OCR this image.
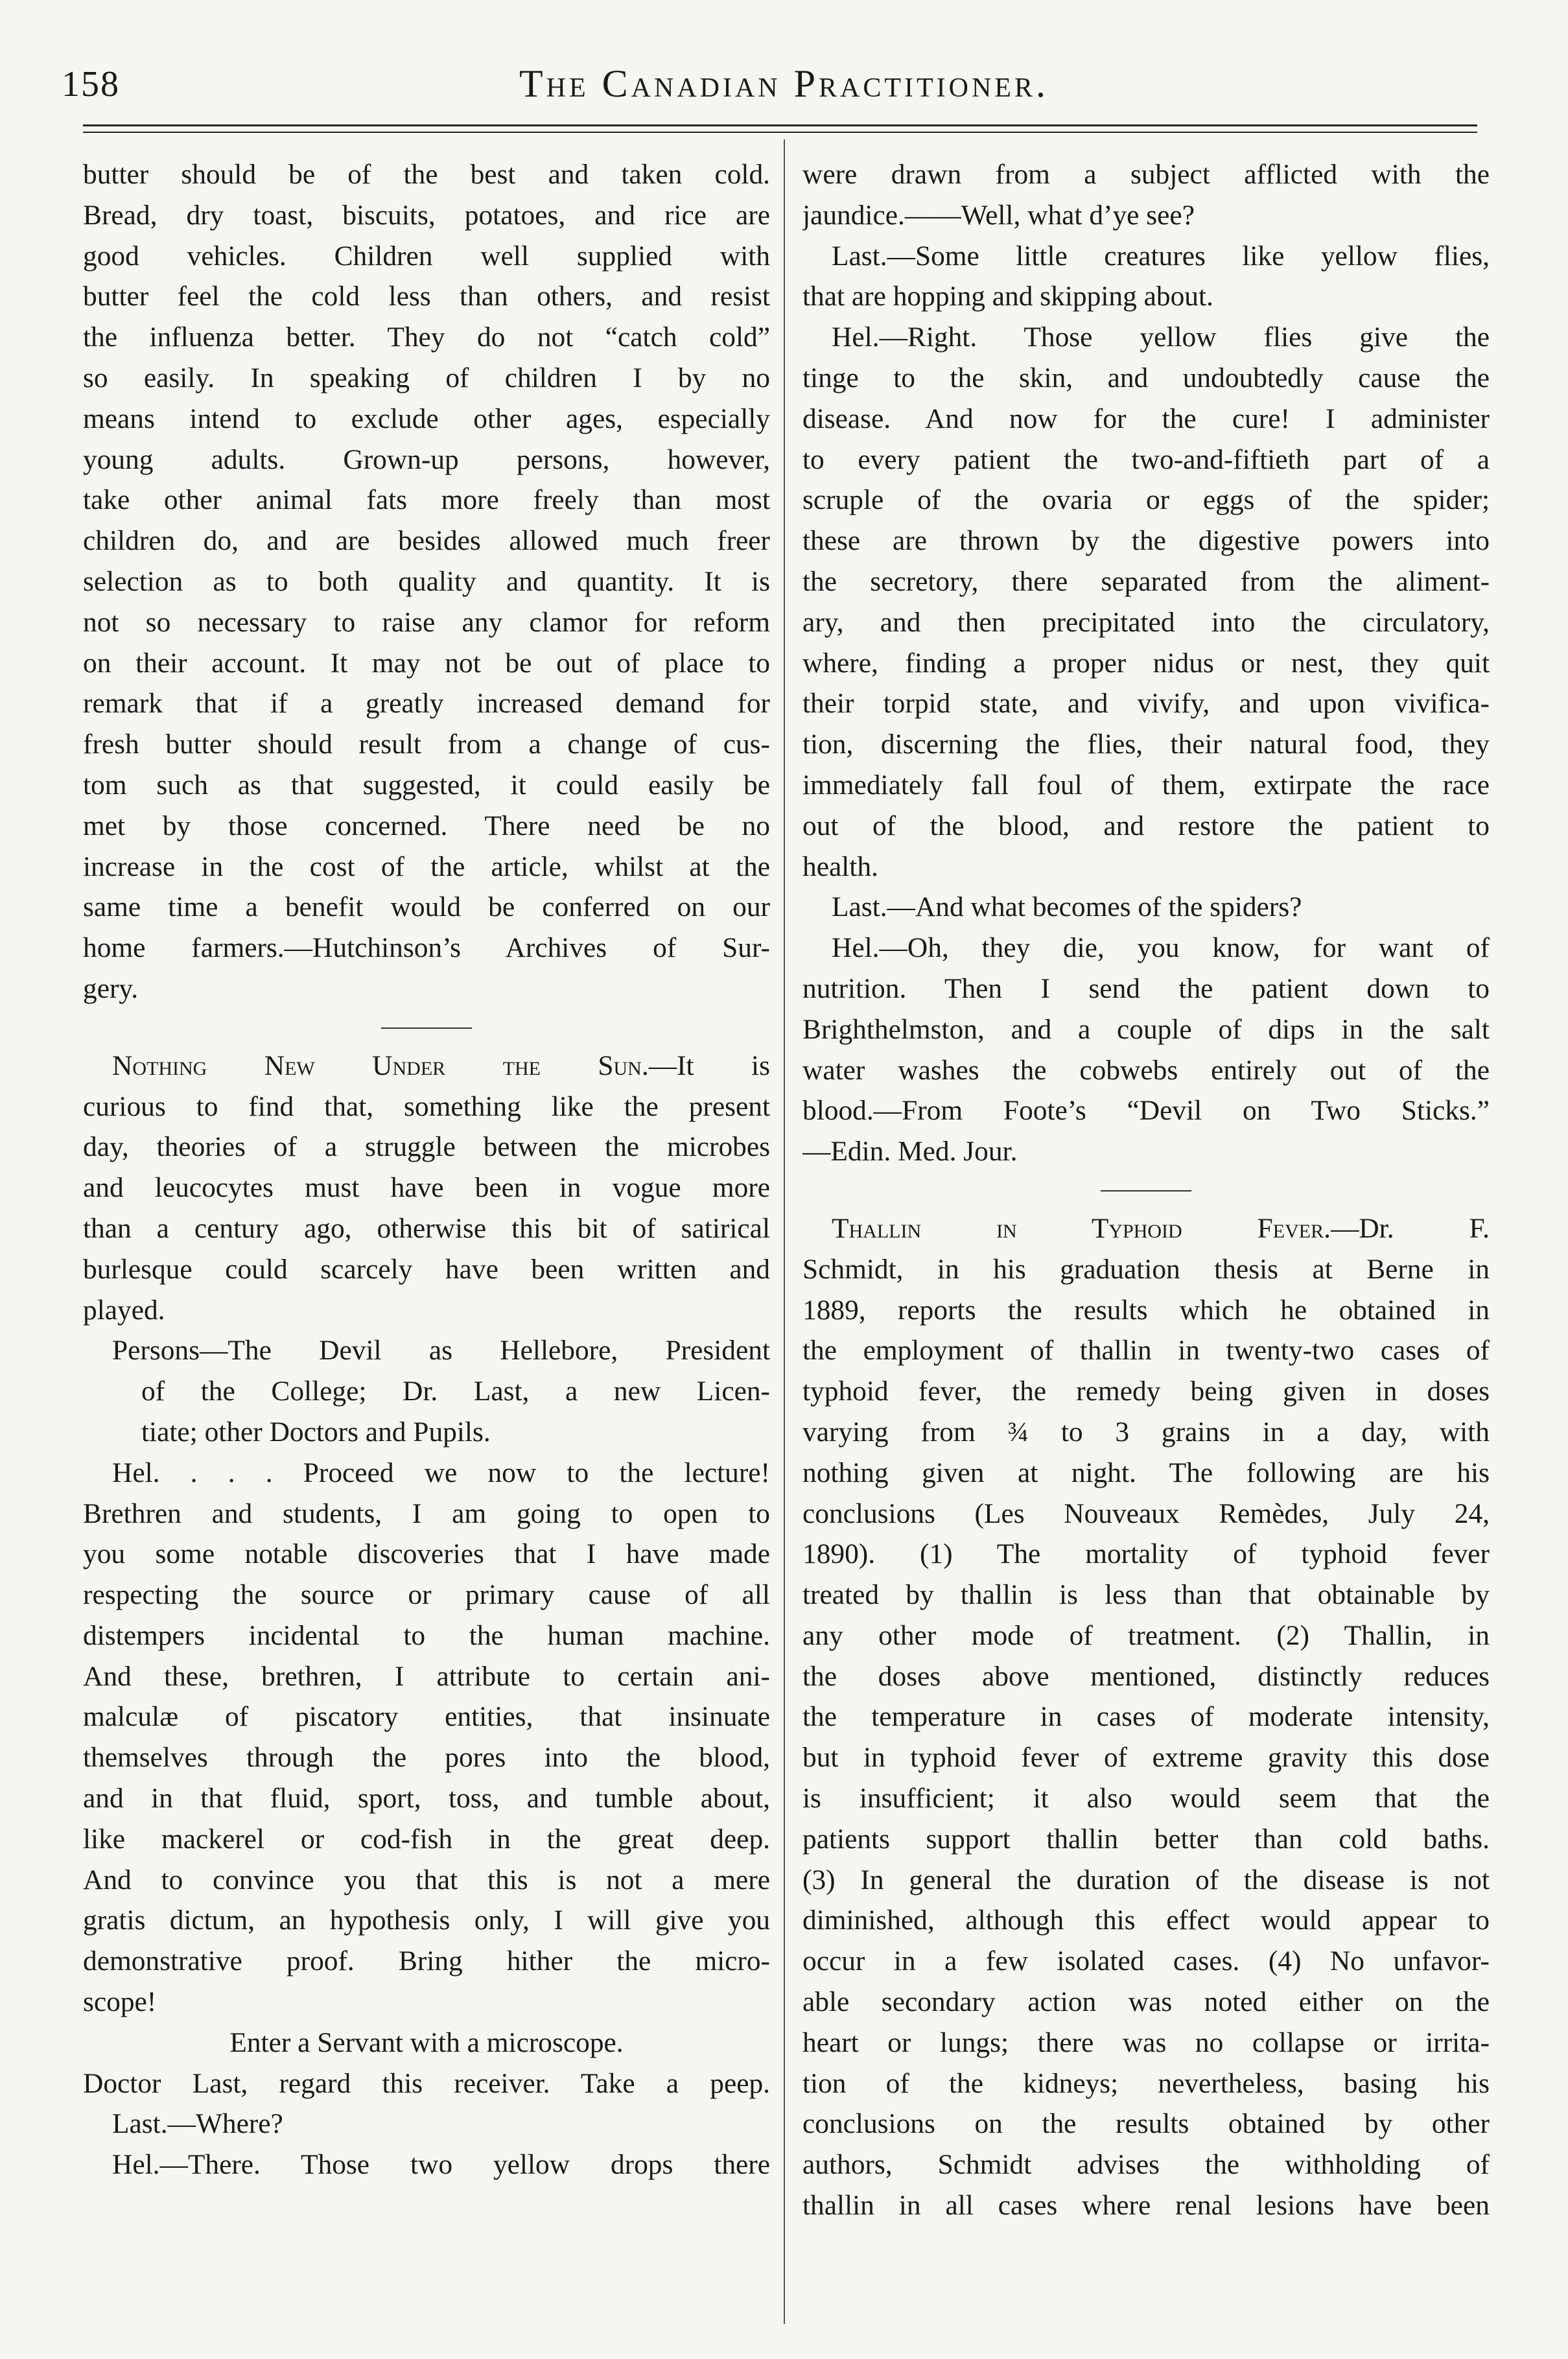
158	The Canadian Practitioner.
butter should be of the best and taken cold.
Bread, dry toast, biscuits, potatoes, and rice are
good vehicles. Children well supplied with
butter feel the cold less than others, and resist
the influenza better. They do not “catch cold”
so easily. In speaking of children I by no
means intend to exclude other ages, especially
young adults. Grown-up persons, however,
take other animal fats more freely than most
children do, and are besides allowed much freer
selection as to both quality and quantity. It is
not so necessary to raise any clamor for reform
on their account. It may not be out of place to
remark that if a greatly increased demand for
fresh butter should result from a change of cus-
tom such as that suggested, it could easily be
met by those concerned. There need be no
increase in the cost of the article, whilst at the
same time a benefit would be conferred on our
home farmers.—Hutchinson’s Archives of Sur-
gery.
Nothing New Under the Sun.—It is
curious to find that, something like the present
day, theories of a struggle between the microbes
and leucocytes must have been in vogue more
than a century ago, otherwise this bit of satirical
burlesque could scarcely have been written and
played.
Persons—The Devil as Hellebore, President
of the College; Dr. Last, a new Licen-
tiate; other Doctors and Pupils.
Hel. . . . Proceed we now to the lecture!
Brethren and students, I am going to open to
you some notable discoveries that I have made
respecting the source or primary cause of all
distempers incidental to the human machine.
And these, brethren, I attribute to certain ani-
malculæ of piscatory entities, that insinuate
themselves through the pores into the blood,
and in that fluid, sport, toss, and tumble about,
like mackerel or cod-fish in the great deep.
And to convince you that this is not a mere
gratis dictum, an hypothesis only, I will give you
demonstrative proof. Bring hither the micro-
scope!
Enter a Servant with a microscope.
Doctor Last, regard this receiver. Take a peep.
Last.—Where?
Hel.—There. Those two yellow drops there
were drawn from a subject afflicted with the
jaundice.——Well, what d’ye see?
Last.—Some little creatures like yellow flies,
that are hopping and skipping about.
Hel.—Right. Those yellow flies give the
tinge to the skin, and undoubtedly cause the
disease. And now for the cure! I administer
to every patient the two-and-fiftieth part of a
scruple of the ovaria or eggs of the spider;
these are thrown by the digestive powers into
the secretory, there separated from the aliment-
ary, and then precipitated into the circulatory,
where, finding a proper nidus or nest, they quit
their torpid state, and vivify, and upon vivifica-
tion, discerning the flies, their natural food, they
immediately fall foul of them, extirpate the race
out of the blood, and restore the patient to
health.
Last.—And what becomes of the spiders?
Hel.—Oh, they die, you know, for want of
nutrition. Then I send the patient down to
Brighthelmston, and a couple of dips in the salt
water washes the cobwebs entirely out of the
blood.—From Foote’s “Devil on Two Sticks.”
—Edin. Med. Jour.
Thallin in Typhoid Fever.—Dr. F.
Schmidt, in his graduation thesis at Berne in
1889, reports the results which he obtained in
the employment of thallin in twenty-two cases of
typhoid fever, the remedy being given in doses
varying from ¾ to 3 grains in a day, with
nothing given at night. The following are his
conclusions (Les Nouveaux Remèdes, July 24,
1890). (1) The mortality of typhoid fever
treated by thallin is less than that obtainable by
any other mode of treatment. (2) Thallin, in
the doses above mentioned, distinctly reduces
the temperature in cases of moderate intensity,
but in typhoid fever of extreme gravity this dose
is insufficient; it also would seem that the
patients support thallin better than cold baths.
(3) In general the duration of the disease is not
diminished, although this effect would appear to
occur in a few isolated cases. (4) No unfavor-
able secondary action was noted either on the
heart or lungs; there was no collapse or irrita-
tion of the kidneys; nevertheless, basing his
conclusions on the results obtained by other
authors, Schmidt advises the withholding of
thallin in all cases where renal lesions have been
